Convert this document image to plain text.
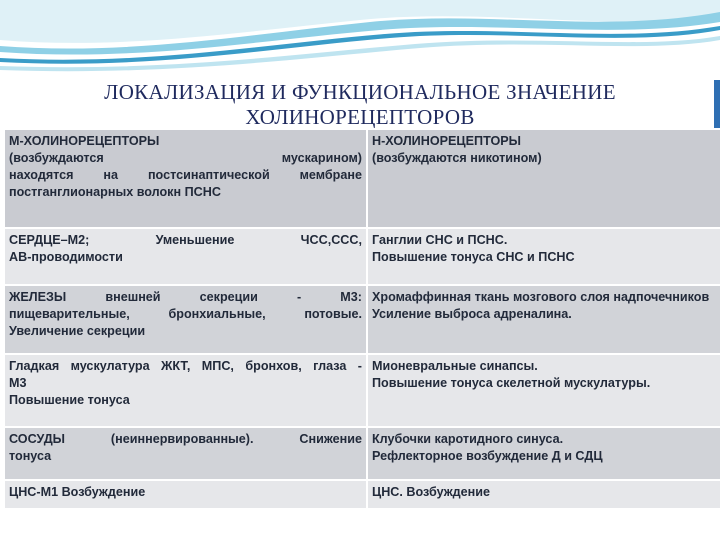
ЛОКАЛИЗАЦИЯ И ФУНКЦИОНАЛЬНОЕ ЗНАЧЕНИЕ
ХОЛИНОРЕЦЕПТОРОВ
М-ХОЛИНОРЕЦЕПТОРЫ
(возбуждаются мускарином)
находятся на постсинаптической мембране
постганглионарных волокн ПСНС	Н-ХОЛИНОРЕЦЕПТОРЫ
(возбуждаются никотином)

СЕРДЦЕ–М2; Уменьшение ЧСС,ССС,
АВ-проводимости	Ганглии СНС и ПСНС.
Повышение тонуса СНС и ПСНС

ЖЕЛЕЗЫ внешней секреции - М3:
пищеварительные, бронхиальные, потовые.
Увеличение секреции	Хромаффинная ткань мозгового слоя надпочечников
Усиление выброса адреналина.

Гладкая мускулатура ЖКТ, МПС, бронхов, глаза -
М3
Повышение тонуса	Мионевральные синапсы.
Повышение тонуса скелетной мускулатуры.

СОСУДЫ (неиннервированные). Снижение
тонуса	Клубочки каротидного синуса.
Рефлекторное возбуждение Д и СДЦ

ЦНС-М1 Возбуждение	ЦНС. Возбуждение
